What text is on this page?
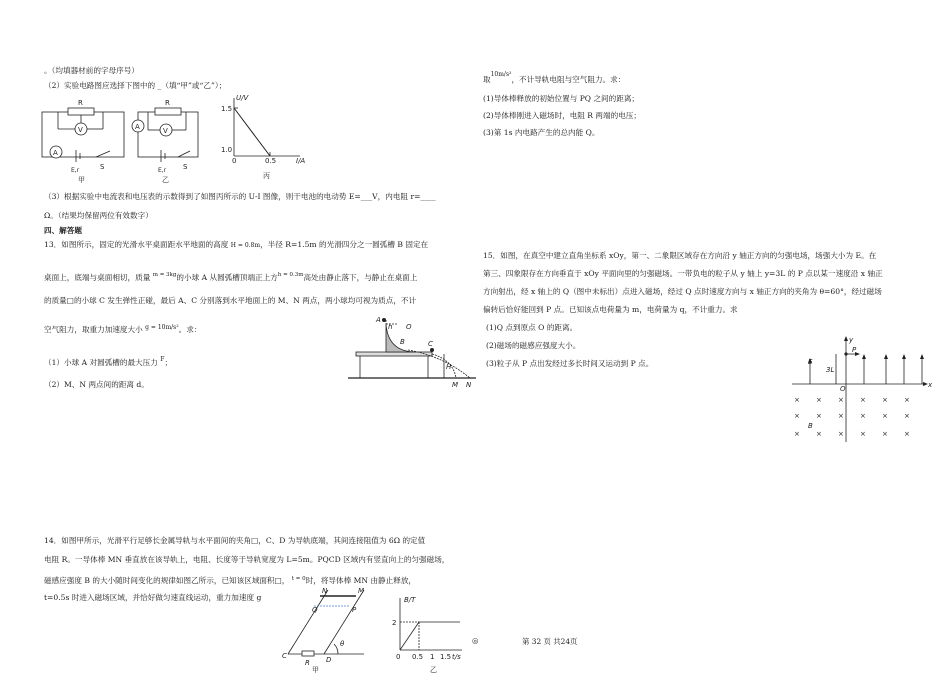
。（均填器材前的字母序号）
（2）实验电路图应选择下图中的 _（填“甲”或“乙”）；
R
V
A
E,r	S
甲
A
R
V
E,r S
乙
U/V
1.5
1.0
0	0.5	I/A
丙
（3）根据实验中电流表和电压表的示数得到了如图丙所示的 U-I 图像，则干电池的电动势 E=___V，内电阻 r=____
Ω。（结果均保留两位有效数字）
四、解答题
13．如图所示，固定的光滑水平桌面距水平地面的高度 H = 0.8m，半径 R=1.5m 的光滑四分之一圆弧槽 B 固定在
桌面上，底端与桌面相切，质量 $^{m = 3kg}$的小球 A 从圆弧槽顶端正上方$^{h = 0.3m}$高处由静止落下，与静止在桌面上
的质量□的小球 C 发生弹性正碰，最后 A、C 分别落到水平地面上的 M、N 两点，两小球均可视为质点，不计
空气阻力，取重力加速度大小 $^{g = 10m/s^2}$。求：
（1）小球 A 对圆弧槽的最大压力 $^F$；
（2）M、N 两点间的距离 d。
A
h O
B	C
H
M N
14．如图甲所示，光滑平行足够长金属导轨与水平面间的夹角□，C、D 为导轨底端，其间连接阻值为 6Ω 的定值
电阻 R。一导体棒 MN 垂直放在该导轨上，电阻、长度等于导轨宽度为 L=5m。PQCD 区域内有竖直向上的匀强磁场，
磁感应强度 B 的大小随时间变化的规律如图乙所示，已知该区域面积□， $^{t = 0}$时，将导体棒 MN 由静止释放，
t=0.5s 时进入磁场区域，并恰好做匀速直线运动，重力加速度 g
N	M
Q	P
C
R D
θ
甲
B/T
2
0 0.5 1 1.5 t/s
乙
取$^{10m/s^2}$，不计导轨电阻与空气阻力。求：
(1)导体棒释放的初始位置与 PQ 之间的距离；
(2)导体棒刚进入磁场时，电阻 R 两端的电压；
(3)第 1s 内电路产生的总内能 Q。
15．如图，在真空中建立直角坐标系 xOy，第一、二象限区域存在方向沿 y 轴正方向的匀强电场，场强大小为 E。在
第三、四象限存在方向垂直于 xOy 平面向里的匀强磁场。一带负电的粒子从 y 轴上 y=3L 的 P 点以某一速度沿 x 轴正
方向射出，经 x 轴上的 Q（图中未标出）点进入磁场，经过 Q 点时速度方向与 x 轴正方向的夹角为 θ=60°，经过磁场
偏转后恰好能回到 P 点。已知该点电荷量为 m，电荷量为 q，不计重力。求
(1)Q 点到原点 O 的距离。
(2)磁场的磁感应强度大小。
(3)粒子从 P 点出发经过多长时间又运动到 P 点。
y
x
P
E
3L
O
B
× × × × × ×
× × × × × ×
× × × × × ×
◎	第 32 页 共24页
